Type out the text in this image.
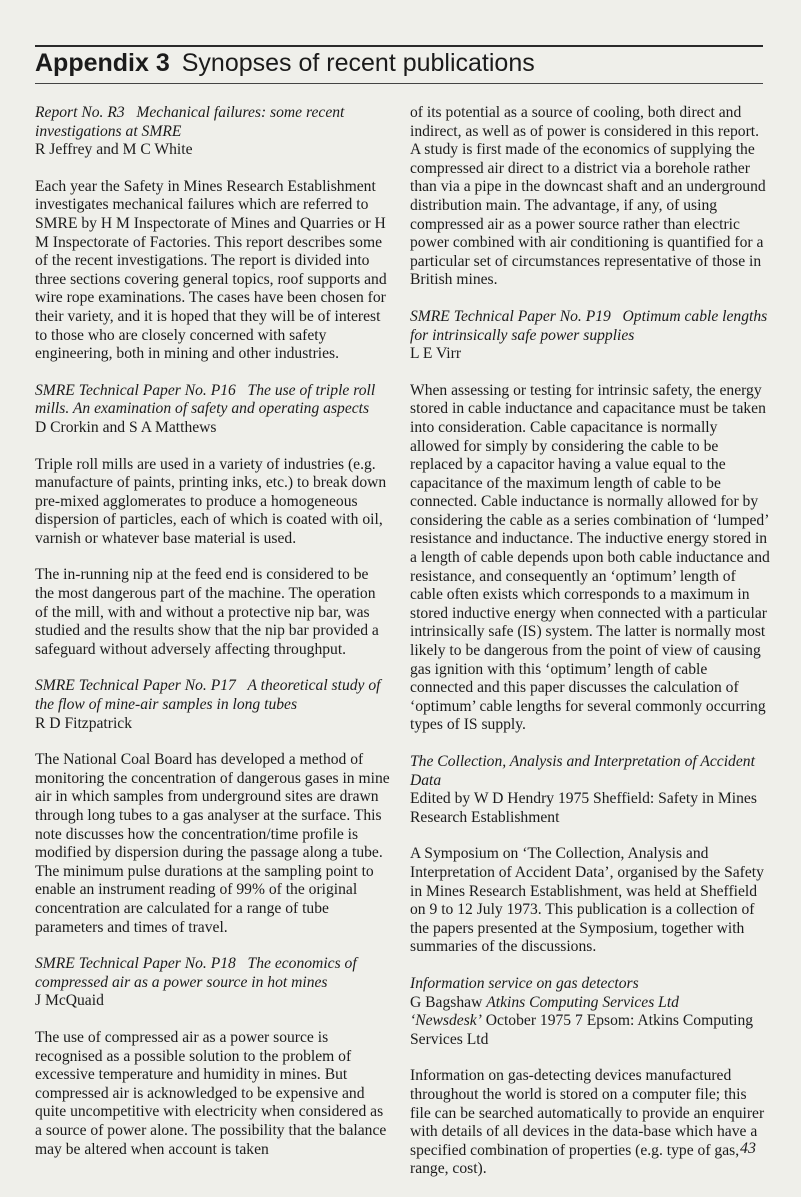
Appendix 3 Synopses of recent publications

Report No. R3 Mechanical failures: some recent investigations at SMRE

R Jeffrey and M C White

Each year the Safety in Mines Research Establishment investigates mechanical failures which are referred to SMRE by H M Inspectorate of Mines and Quarries or H M Inspectorate of Factories. This report describes some of the recent investigations. The report is divided into three sections covering general topics, roof supports and wire rope examinations. The cases have been chosen for their variety, and it is hoped that they will be of interest to those who are closely concerned with safety engineering, both in mining and other industries.

SMRE Technical Paper No. P16 The use of triple roll mills. An examination of safety and operating aspects

D Crorkin and S A Matthews

Triple roll mills are used in a variety of industries (e.g. manufacture of paints, printing inks, etc.) to break down pre-mixed agglomerates to produce a homogeneous dispersion of particles, each of which is coated with oil, varnish or whatever base material is used.

The in-running nip at the feed end is considered to be the most dangerous part of the machine. The operation of the mill, with and without a protective nip bar, was studied and the results show that the nip bar provided a safeguard without adversely affecting throughput.

SMRE Technical Paper No. P17 A theoretical study of the flow of mine-air samples in long tubes

R D Fitzpatrick

The National Coal Board has developed a method of monitoring the concentration of dangerous gases in mine air in which samples from underground sites are drawn through long tubes to a gas analyser at the surface. This note discusses how the concentration/time profile is modified by dispersion during the passage along a tube. The minimum pulse durations at the sampling point to enable an instrument reading of 99% of the original concentration are calculated for a range of tube parameters and times of travel.

SMRE Technical Paper No. P18 The economics of compressed air as a power source in hot mines

J McQuaid

The use of compressed air as a power source is recognised as a possible solution to the problem of excessive temperature and humidity in mines. But compressed air is acknowledged to be expensive and quite uncompetitive with electricity when considered as a source of power alone. The possibility that the balance may be altered when account is taken

of its potential as a source of cooling, both direct and indirect, as well as of power is considered in this report. A study is first made of the economics of supplying the compressed air direct to a district via a borehole rather than via a pipe in the downcast shaft and an underground distribution main. The advantage, if any, of using compressed air as a power source rather than electric power combined with air conditioning is quantified for a particular set of circumstances representative of those in British mines.

SMRE Technical Paper No. P19 Optimum cable lengths for intrinsically safe power supplies

L E Virr

When assessing or testing for intrinsic safety, the energy stored in cable inductance and capacitance must be taken into consideration. Cable capacitance is normally allowed for simply by considering the cable to be replaced by a capacitor having a value equal to the capacitance of the maximum length of cable to be connected. Cable inductance is normally allowed for by considering the cable as a series combination of ‘lumped’ resistance and inductance. The inductive energy stored in a length of cable depends upon both cable inductance and resistance, and consequently an ‘optimum’ length of cable often exists which corresponds to a maximum in stored inductive energy when connected with a particular intrinsically safe (IS) system. The latter is normally most likely to be dangerous from the point of view of causing gas ignition with this ‘optimum’ length of cable connected and this paper discusses the calculation of ‘optimum’ cable lengths for several commonly occurring types of IS supply.

The Collection, Analysis and Interpretation of Accident Data

Edited by W D Hendry 1975 Sheffield: Safety in Mines Research Establishment

A Symposium on ‘The Collection, Analysis and Interpretation of Accident Data’, organised by the Safety in Mines Research Establishment, was held at Sheffield on 9 to 12 July 1973. This publication is a collection of the papers presented at the Symposium, together with summaries of the discussions.

Information service on gas detectors

G Bagshaw Atkins Computing Services Ltd ‘Newsdesk’ October 1975 7 Epsom: Atkins Computing Services Ltd

Information on gas-detecting devices manufactured throughout the world is stored on a computer file; this file can be searched automatically to provide an enquirer with details of all devices in the data-base which have a specified combination of properties (e.g. type of gas, range, cost).

43
